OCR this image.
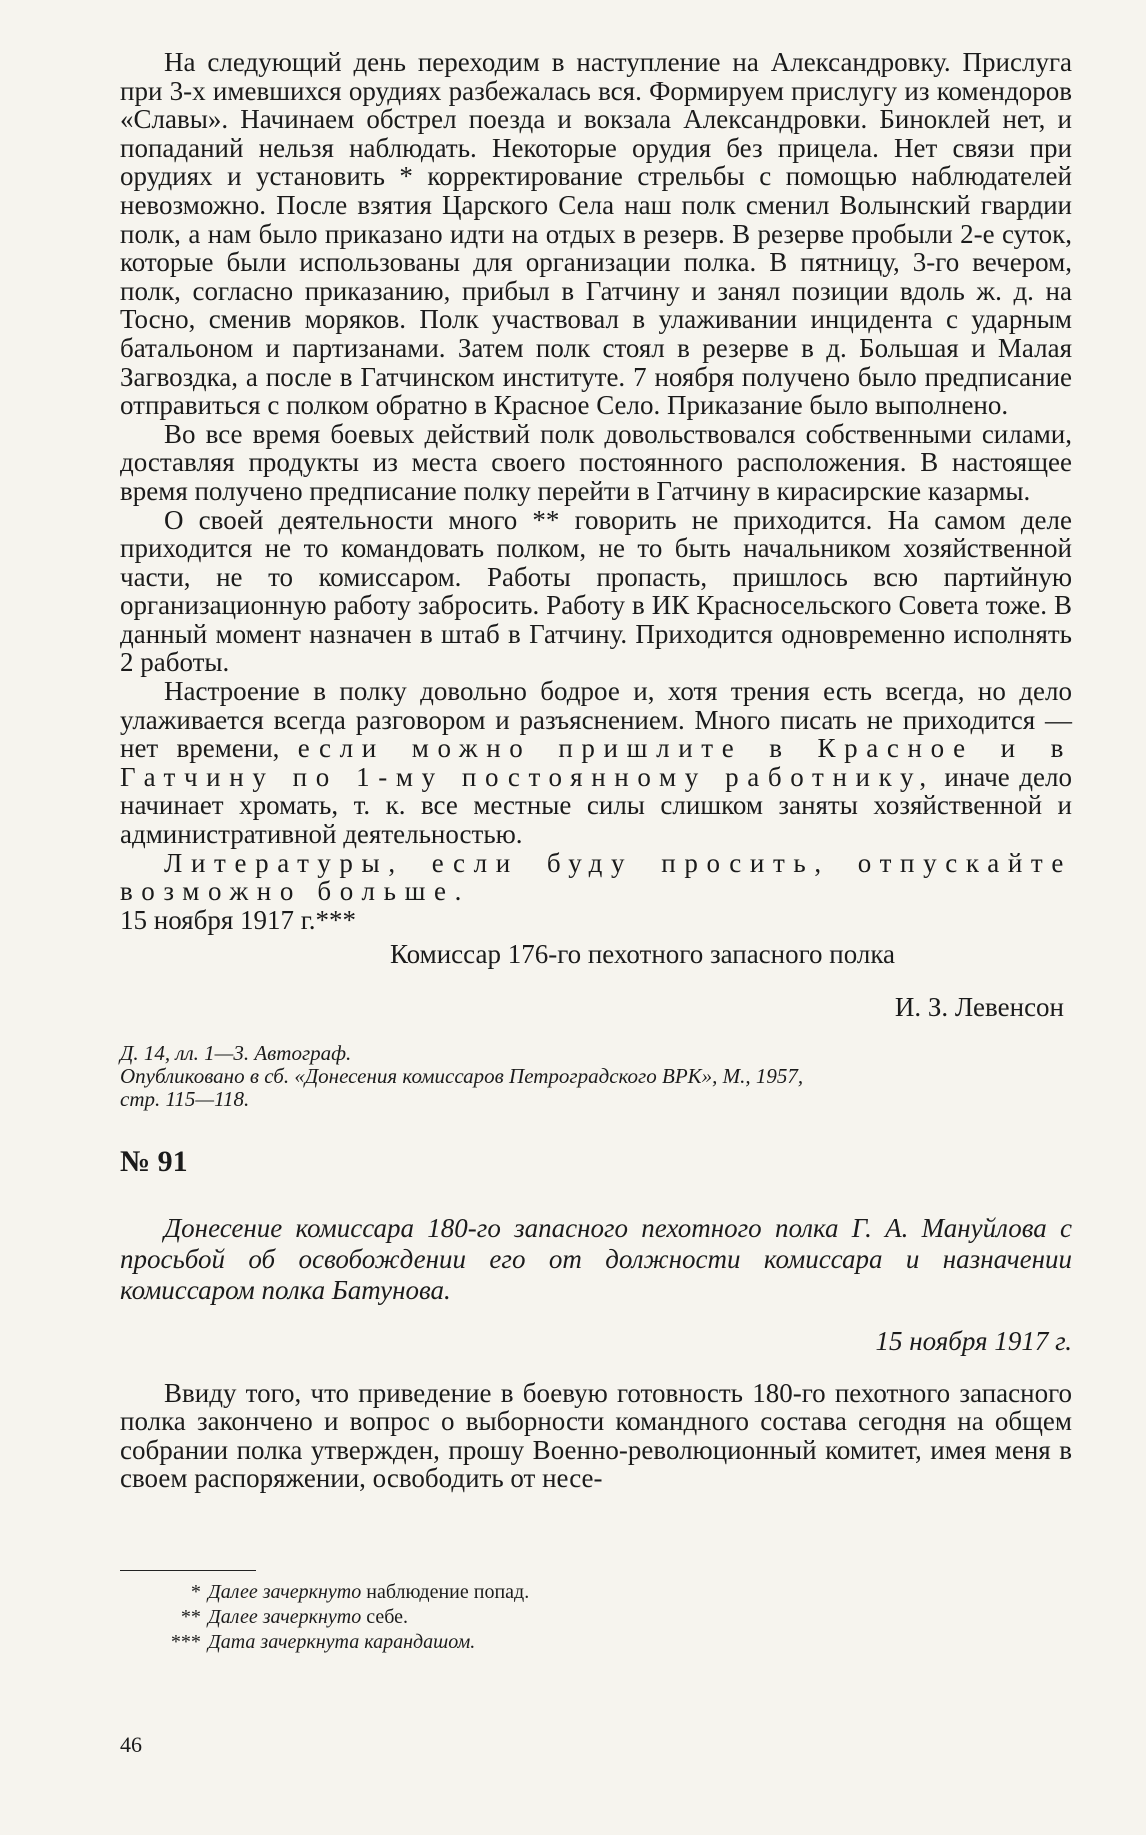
На следующий день переходим в наступление на Александровку. Прислуга при 3-х имевшихся орудиях разбежалась вся. Формируем прислугу из комендоров «Славы». Начинаем обстрел поезда и вокзала Александровки. Биноклей нет, и попаданий нельзя наблюдать. Некоторые орудия без прицела. Нет связи при орудиях и установить * корректирование стрельбы с помощью наблюдателей невозможно. После взятия Царского Села наш полк сменил Волынский гвардии полк, а нам было приказано идти на отдых в резерв. В резерве пробыли 2-е суток, которые были использованы для организации полка. В пятницу, 3-го вечером, полк, согласно приказанию, прибыл в Гатчину и занял позиции вдоль ж. д. на Тосно, сменив моряков. Полк участвовал в улаживании инцидента с ударным батальоном и партизанами. Затем полк стоял в резерве в д. Большая и Малая Загвоздка, а после в Гатчинском институте. 7 ноября получено было предписание отправиться с полком обратно в Красное Село. Приказание было выполнено.

Во все время боевых действий полк довольствовался собственными силами, доставляя продукты из места своего постоянного расположения. В настоящее время получено предписание полку перейти в Гатчину в кирасирские казармы.

О своей деятельности много ** говорить не приходится. На самом деле приходится не то командовать полком, не то быть начальником хозяйственной части, не то комиссаром. Работы пропасть, пришлось всю партийную организационную работу забросить. Работу в ИК Красносельского Совета тоже. В данный момент назначен в штаб в Гатчину. Приходится одновременно исполнять 2 работы.

Настроение в полку довольно бодрое и, хотя трения есть всегда, но дело улаживается всегда разговором и разъяснением. Много писать не приходится — нет времени, если можно пришлите в Красное и в Гатчину по 1-му постоянному работнику, иначе дело начинает хромать, т. к. все местные силы слишком заняты хозяйственной и административной деятельностью.

Литературы, если буду просить, отпускайте возможно больше.

15 ноября 1917 г.***

Комиссар 176-го пехотного запасного полка
И. З. Левенсон
Д. 14, лл. 1—3. Автограф.
Опубликовано в сб. «Донесения комиссаров Петроградского ВРК», М., 1957,
стр. 115—118.
№ 91
Донесение комиссара 180-го запасного пехотного полка Г. А. Мануйлова с просьбой об освобождении его от должности комиссара и назначении комиссаром полка Батунова.
15 ноября 1917 г.

Ввиду того, что приведение в боевую готовность 180-го пехотного запасного полка закончено и вопрос о выборности командного состава сегодня на общем собрании полка утвержден, прошу Военно-революционный комитет, имея меня в своем распоряжении, освободить от несе-

* Далее зачеркнуто наблюдение попад.
** Далее зачеркнуто себе.
*** Дата зачеркнута карандашом.
46
